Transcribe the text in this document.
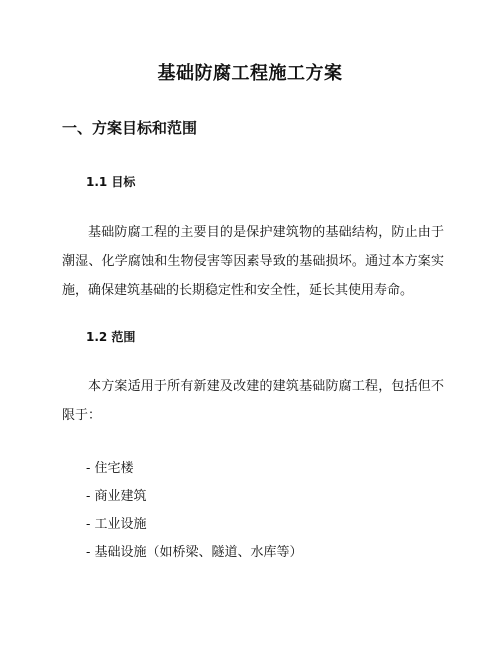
基础防腐工程施工方案
一、方案目标和范围
1.1 目标

基础防腐工程的主要目的是保护建筑物的基础结构，防止由于潮湿、化学腐蚀和生物侵害等因素导致的基础损坏。通过本方案实施，确保建筑基础的长期稳定性和安全性，延长其使用寿命。

1.2 范围

本方案适用于所有新建及改建的建筑基础防腐工程，包括但不限于：

- 住宅楼
- 商业建筑
- 工业设施
- 基础设施（如桥梁、隧道、水库等）
